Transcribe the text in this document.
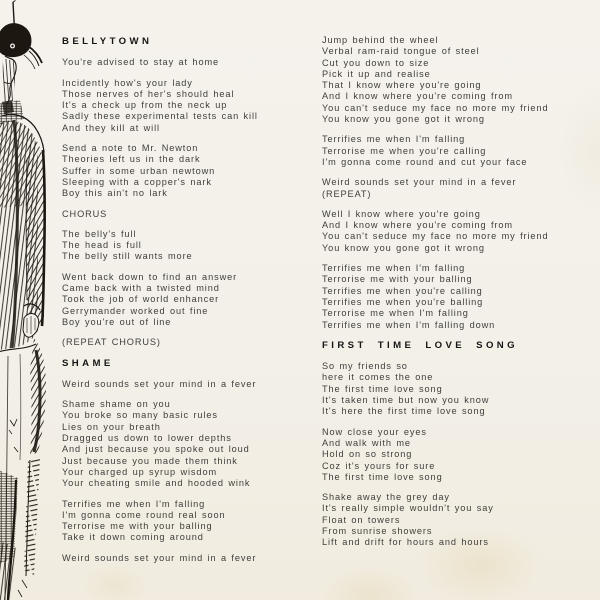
BELLYTOWN
You're advised to stay at home
Incidently how's your lady
Those nerves of her's should heal
It's a check up from the neck up
Sadly these experimental tests can kill
And they kill at will
Send a note to Mr. Newton
Theories left us in the dark
Suffer in some urban newtown
Sleeping with a copper's nark
Boy this ain't no lark
CHORUS
The belly's full
The head is full
The belly still wants more
Went back down to find an answer
Came back with a twisted mind
Took the job of world enhancer
Gerrymander worked out fine
Boy you're out of line
(REPEAT CHORUS)
SHAME
Weird sounds set your mind in a fever
Shame shame on you
You broke so many basic rules
Lies on your breath
Dragged us down to lower depths
And just because you spoke out loud
Just because you made them think
Your charged up syrup wisdom
Your cheating smile and hooded wink
Terrifies me when I'm falling
I'm gonna come round real soon
Terrorise me with your balling
Take it down coming around
Weird sounds set your mind in a fever
Jump behind the wheel
Verbal ram-raid tongue of steel
Cut you down to size
Pick it up and realise
That I know where you're going
And I know where you're coming from
You can't seduce my face no more my friend
You know you gone got it wrong
Terrifies me when I'm falling
Terrorise me when you're calling
I'm gonna come round and cut your face
Weird sounds set your mind in a fever
(REPEAT)
Well I know where you're going
And I know where you're coming from
You can't seduce my face no more my friend
You know you gone got it wrong
Terrifies me when I'm falling
Terrorise me with your balling
Terrifies me when you're calling
Terrifies me when you're balling
Terrorise me when I'm falling
Terrifies me when I'm falling down
FIRST TIME LOVE SONG
So my friends so
here it comes the one
The first time love song
It's taken time but now you know
It's here the first time love song
Now close your eyes
And walk with me
Hold on so strong
Coz it's yours for sure
The first time love song
Shake away the grey day
It's really simple wouldn't you say
Float on towers
From sunrise showers
Lift and drift for hours and hours
